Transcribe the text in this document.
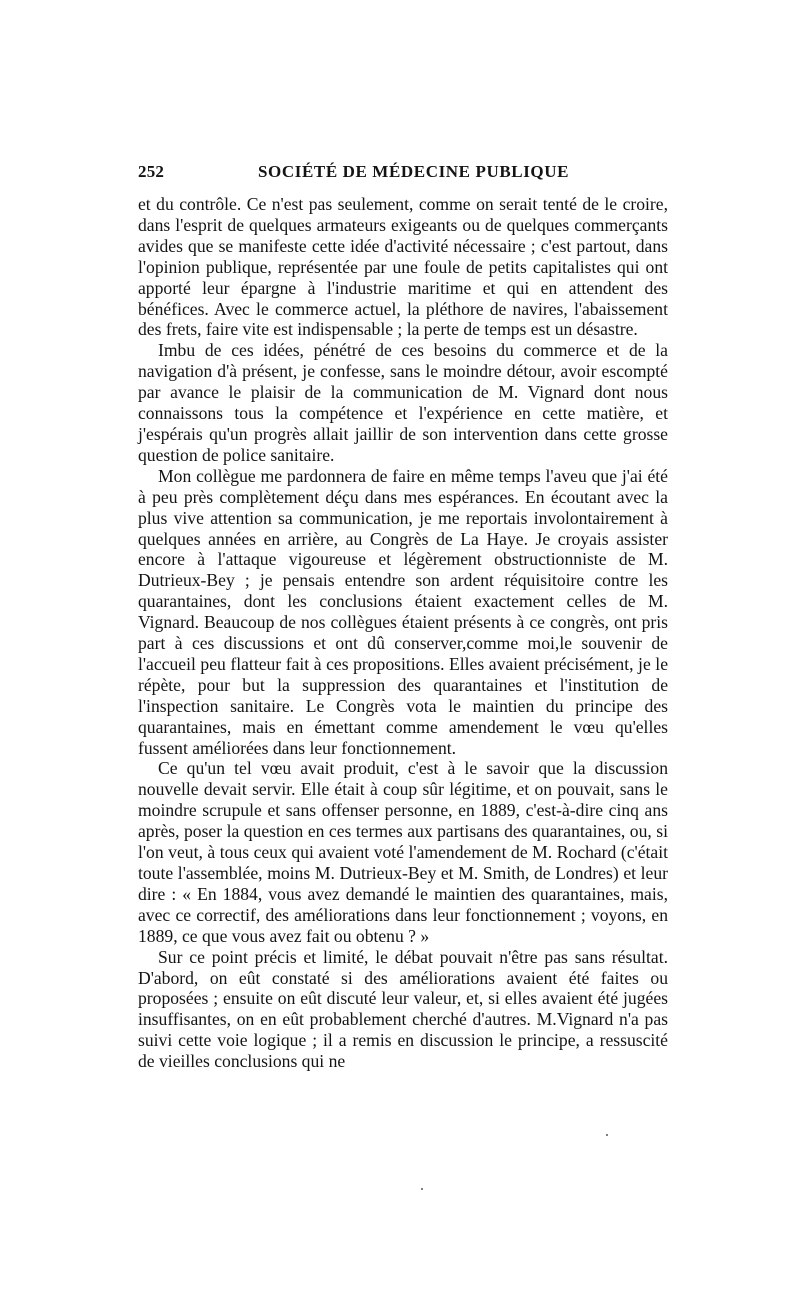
252	SOCIÉTÉ DE MÉDECINE PUBLIQUE

et du contrôle. Ce n'est pas seulement, comme on serait tenté de le croire, dans l'esprit de quelques armateurs exigeants ou de quelques commerçants avides que se manifeste cette idée d'activité nécessaire ; c'est partout, dans l'opinion publique, représentée par une foule de petits capitalistes qui ont apporté leur épargne à l'industrie maritime et qui en attendent des bénéfices. Avec le commerce actuel, la pléthore de navires, l'abaissement des frets, faire vite est indispensable ; la perte de temps est un désastre.

Imbu de ces idées, pénétré de ces besoins du commerce et de la navigation d'à présent, je confesse, sans le moindre détour, avoir escompté par avance le plaisir de la communication de M. Vignard dont nous connaissons tous la compétence et l'expérience en cette matière, et j'espérais qu'un progrès allait jaillir de son intervention dans cette grosse question de police sanitaire.

Mon collègue me pardonnera de faire en même temps l'aveu que j'ai été à peu près complètement déçu dans mes espérances. En écoutant avec la plus vive attention sa communication, je me reportais involontairement à quelques années en arrière, au Congrès de La Haye. Je croyais assister encore à l'attaque vigoureuse et légèrement obstructionniste de M. Dutrieux-Bey ; je pensais entendre son ardent réquisitoire contre les quarantaines, dont les conclusions étaient exactement celles de M. Vignard. Beaucoup de nos collègues étaient présents à ce congrès, ont pris part à ces discussions et ont dû conserver,comme moi,le souvenir de l'accueil peu flatteur fait à ces propositions. Elles avaient précisément, je le répète, pour but la suppression des quarantaines et l'institution de l'inspection sanitaire. Le Congrès vota le maintien du principe des quarantaines, mais en émettant comme amendement le vœu qu'elles fussent améliorées dans leur fonctionnement.

Ce qu'un tel vœu avait produit, c'est à le savoir que la discussion nouvelle devait servir. Elle était à coup sûr légitime, et on pouvait, sans le moindre scrupule et sans offenser personne, en 1889, c'est-à-dire cinq ans après, poser la question en ces termes aux partisans des quarantaines, ou, si l'on veut, à tous ceux qui avaient voté l'amendement de M. Rochard (c'était toute l'assemblée, moins M. Dutrieux-Bey et M. Smith, de Londres) et leur dire : « En 1884, vous avez demandé le maintien des quarantaines, mais, avec ce correctif, des améliorations dans leur fonctionnement ; voyons, en 1889, ce que vous avez fait ou obtenu ? »

Sur ce point précis et limité, le débat pouvait n'être pas sans résultat. D'abord, on eût constaté si des améliorations avaient été faites ou proposées ; ensuite on eût discuté leur valeur, et, si elles avaient été jugées insuffisantes, on en eût probablement cherché d'autres. M.Vignard n'a pas suivi cette voie logique ; il a remis en discussion le principe, a ressuscité de vieilles conclusions qui ne
